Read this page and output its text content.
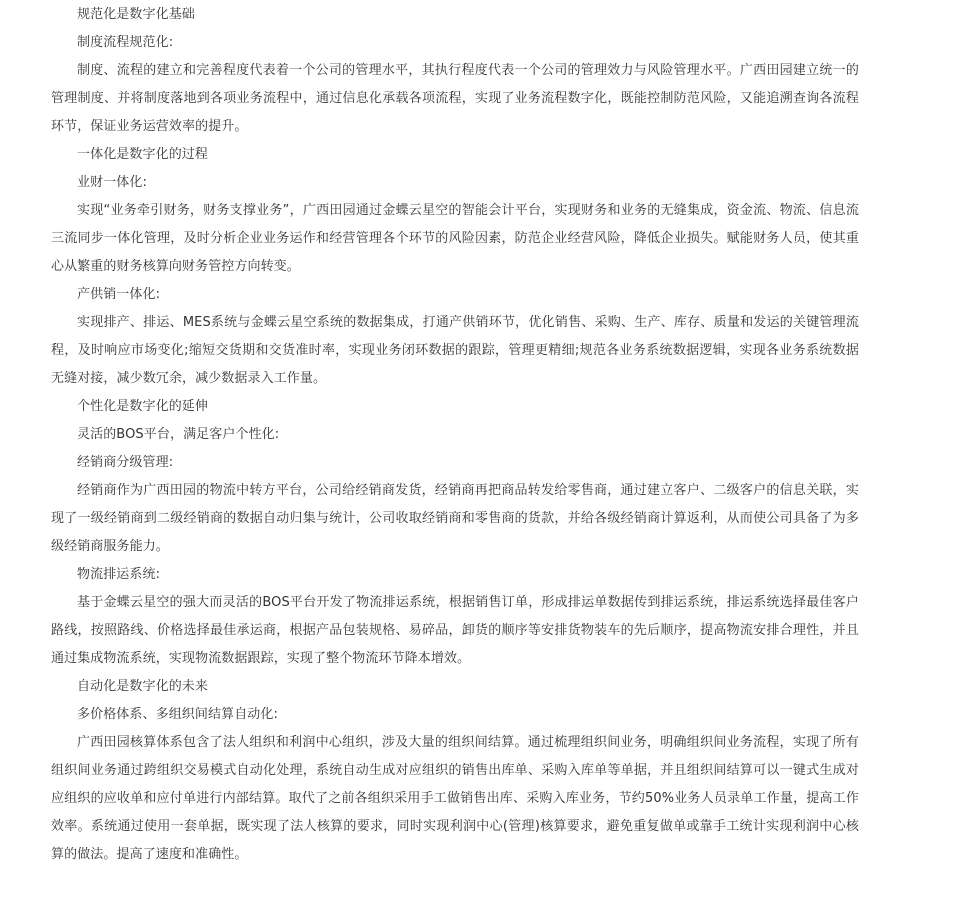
规范化是数字化基础

制度流程规范化:

制度、流程的建立和完善程度代表着一个公司的管理水平，其执行程度代表一个公司的管理效力与风险管理水平。广西田园建立统一的管理制度、并将制度落地到各项业务流程中，通过信息化承载各项流程，实现了业务流程数字化，既能控制防范风险，又能追溯查询各流程环节，保证业务运营效率的提升。

一体化是数字化的过程

业财一体化:

实现“业务牵引财务，财务支撑业务”，广西田园通过金蝶云星空的智能会计平台，实现财务和业务的无缝集成，资金流、物流、信息流三流同步一体化管理，及时分析企业业务运作和经营管理各个环节的风险因素，防范企业经营风险，降低企业损失。赋能财务人员，使其重心从繁重的财务核算向财务管控方向转变。

产供销一体化:

实现排产、排运、MES系统与金蝶云星空系统的数据集成，打通产供销环节，优化销售、采购、生产、库存、质量和发运的关键管理流程，及时响应市场变化;缩短交货期和交货准时率，实现业务闭环数据的跟踪，管理更精细;规范各业务系统数据逻辑，实现各业务系统数据无缝对接，减少数冗余，减少数据录入工作量。

个性化是数字化的延伸

灵活的BOS平台，满足客户个性化:

经销商分级管理:

经销商作为广西田园的物流中转方平台，公司给经销商发货，经销商再把商品转发给零售商，通过建立客户、二级客户的信息关联，实现了一级经销商到二级经销商的数据自动归集与统计，公司收取经销商和零售商的货款，并给各级经销商计算返利，从而使公司具备了为多级经销商服务能力。

物流排运系统:

基于金蝶云星空的强大而灵活的BOS平台开发了物流排运系统，根据销售订单，形成排运单数据传到排运系统，排运系统选择最佳客户路线，按照路线、价格选择最佳承运商，根据产品包装规格、易碎品，卸货的顺序等安排货物装车的先后顺序，提高物流安排合理性，并且通过集成物流系统，实现物流数据跟踪，实现了整个物流环节降本增效。

自动化是数字化的未来

多价格体系、多组织间结算自动化:

广西田园核算体系包含了法人组织和利润中心组织，涉及大量的组织间结算。通过梳理组织间业务，明确组织间业务流程，实现了所有组织间业务通过跨组织交易模式自动化处理，系统自动生成对应组织的销售出库单、采购入库单等单据，并且组织间结算可以一键式生成对应组织的应收单和应付单进行内部结算。取代了之前各组织采用手工做销售出库、采购入库业务，节约50%业务人员录单工作量，提高工作效率。系统通过使用一套单据，既实现了法人核算的要求，同时实现利润中心(管理)核算要求，避免重复做单或靠手工统计实现利润中心核算的做法。提高了速度和准确性。
